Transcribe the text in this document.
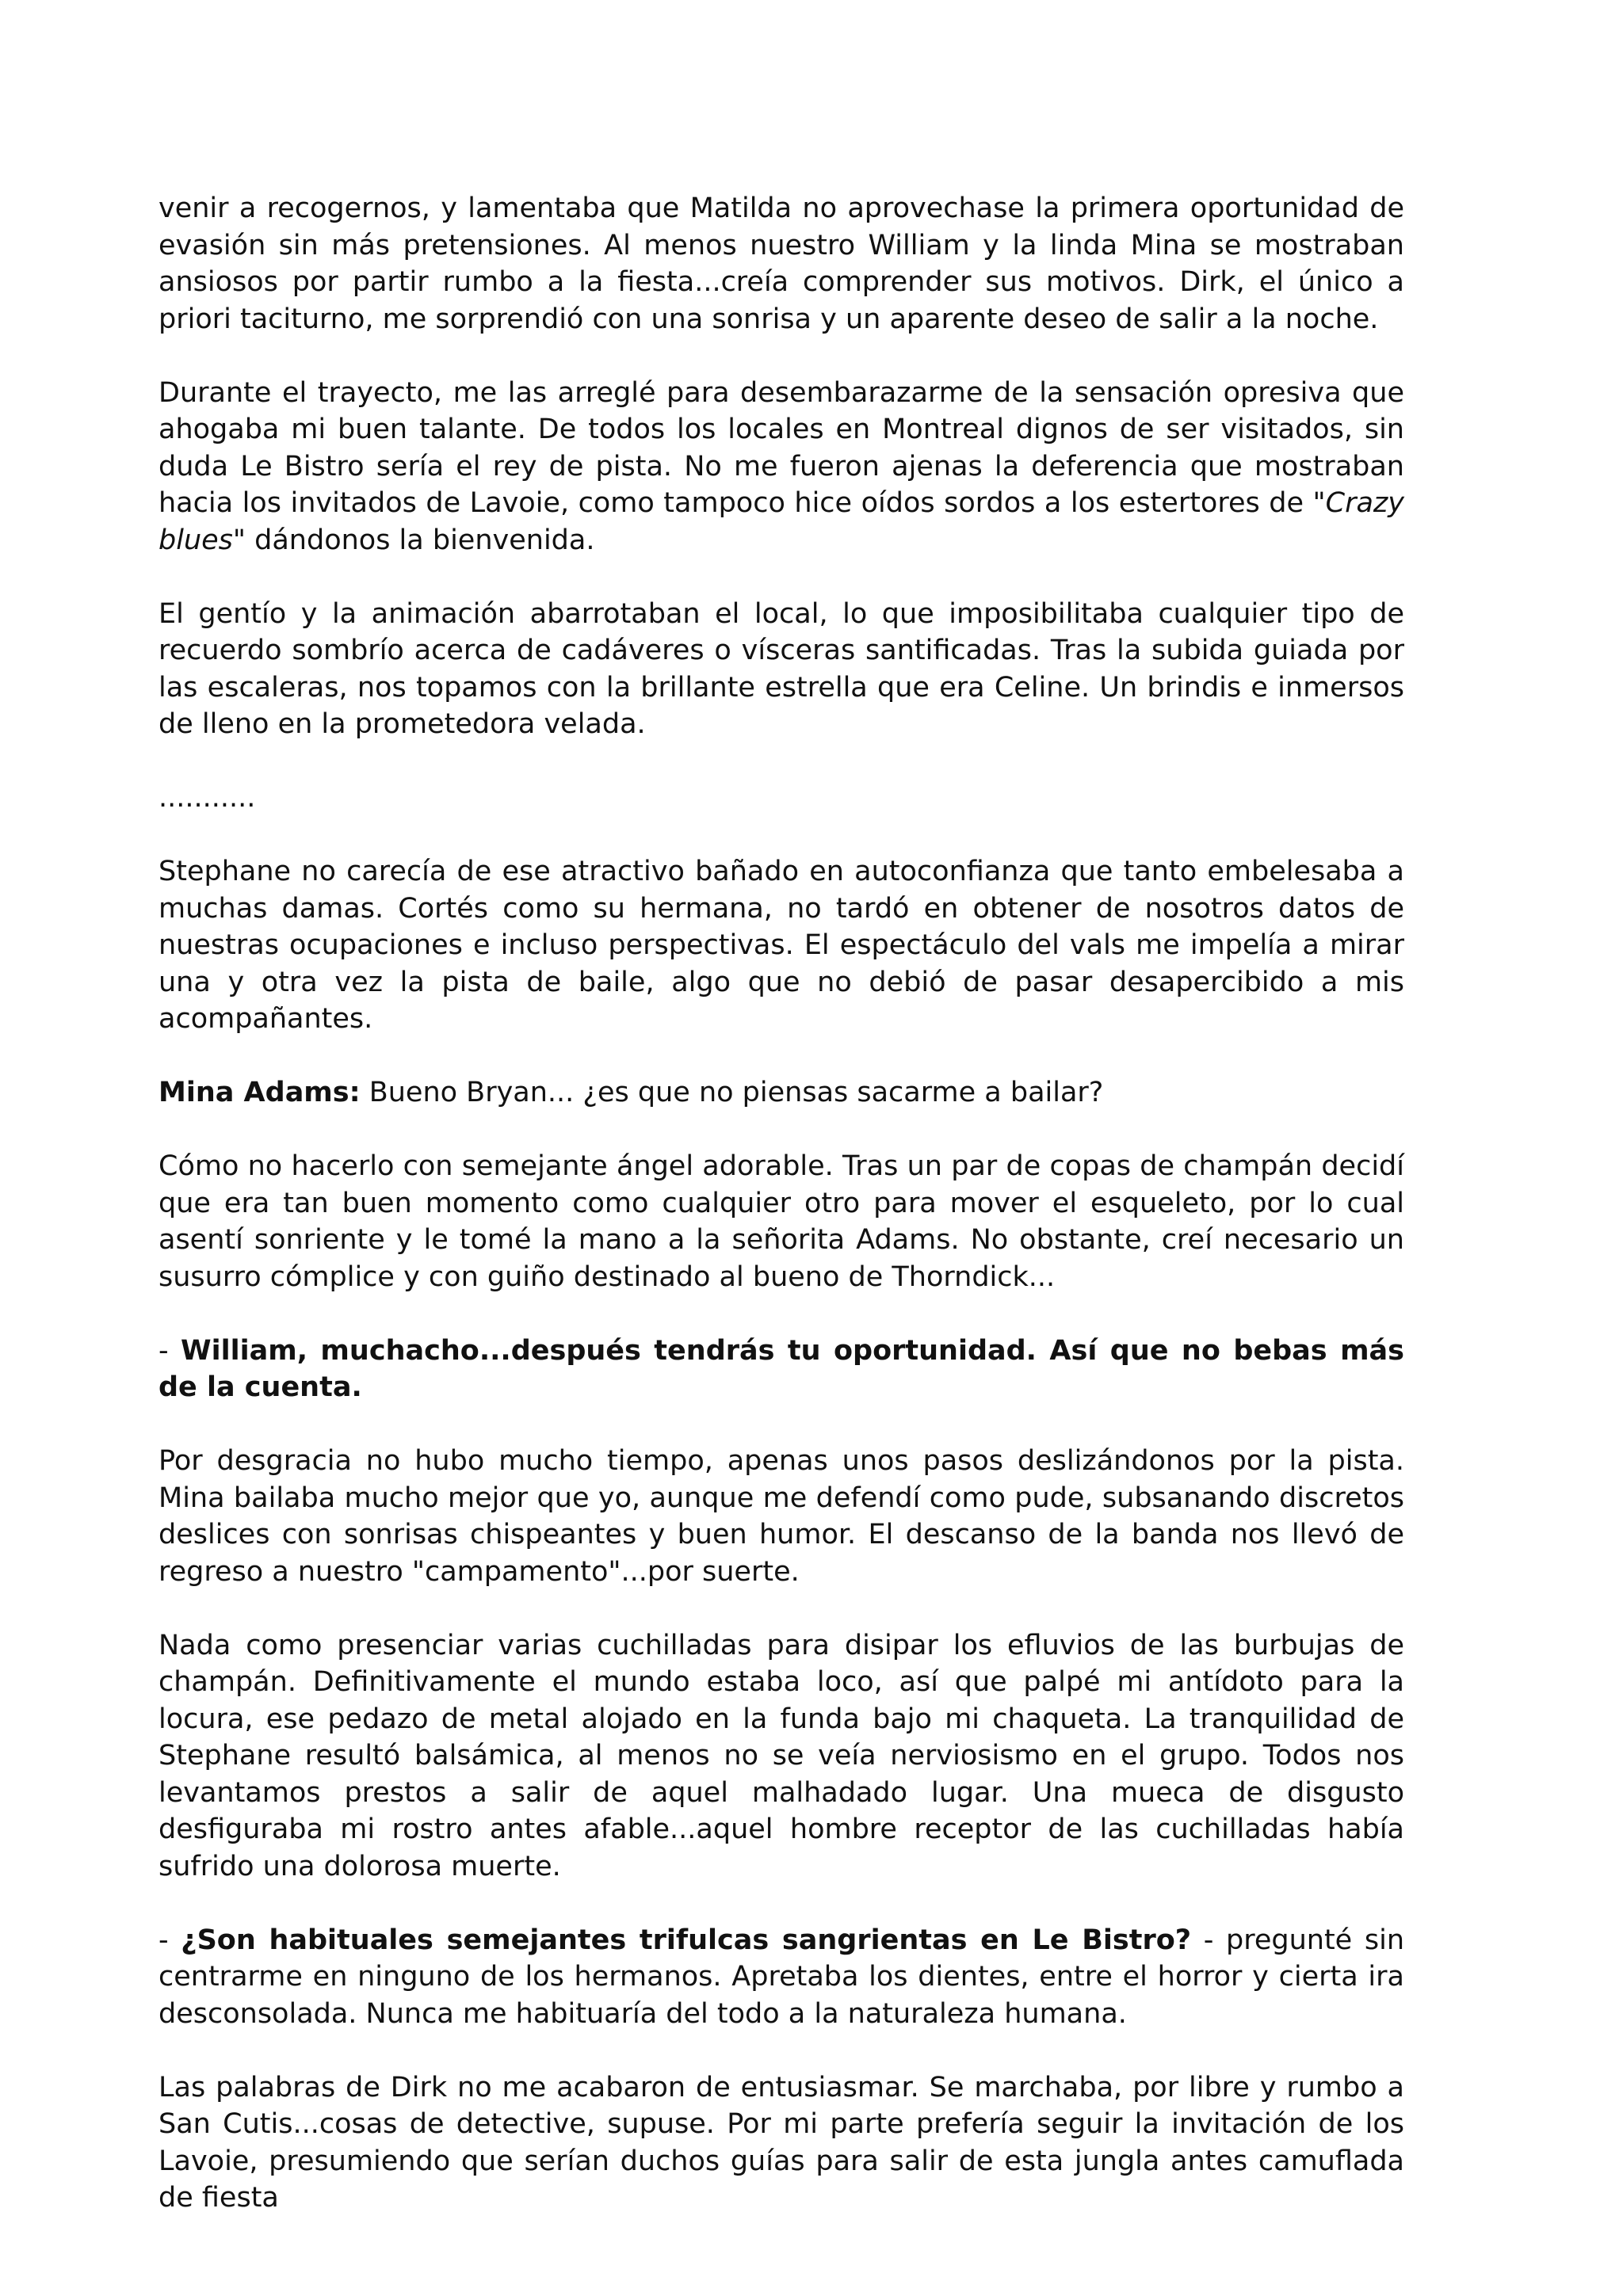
venir a recogernos, y lamentaba que Matilda no aprovechase la primera oportunidad de evasión sin más pretensiones. Al menos nuestro William y la linda Mina se mostraban ansiosos por partir rumbo a la fiesta...creía comprender sus motivos. Dirk, el único a priori taciturno, me sorprendió con una sonrisa y un aparente deseo de salir a la noche.

Durante el trayecto, me las arreglé para desembarazarme de la sensación opresiva que ahogaba mi buen talante. De todos los locales en Montreal dignos de ser visitados, sin duda Le Bistro sería el rey de pista. No me fueron ajenas la deferencia que mostraban hacia los invitados de Lavoie, como tampoco hice oídos sordos a los estertores de "Crazy blues" dándonos la bienvenida.

El gentío y la animación abarrotaban el local, lo que imposibilitaba cualquier tipo de recuerdo sombrío acerca de cadáveres o vísceras santificadas. Tras la subida guiada por las escaleras, nos topamos con la brillante estrella que era Celine. Un brindis e inmersos de lleno en la prometedora velada.

...........

Stephane no carecía de ese atractivo bañado en autoconfianza que tanto embelesaba a muchas damas. Cortés como su hermana, no tardó en obtener de nosotros datos de nuestras ocupaciones e incluso perspectivas. El espectáculo del vals me impelía a mirar una y otra vez la pista de baile, algo que no debió de pasar desapercibido a mis acompañantes.

Mina Adams: Bueno Bryan... ¿es que no piensas sacarme a bailar?

Cómo no hacerlo con semejante ángel adorable. Tras un par de copas de champán decidí que era tan buen momento como cualquier otro para mover el esqueleto, por lo cual asentí sonriente y le tomé la mano a la señorita Adams. No obstante, creí necesario un susurro cómplice y con guiño destinado al bueno de Thorndick...

- William, muchacho...después tendrás tu oportunidad. Así que no bebas más de la cuenta.

Por desgracia no hubo mucho tiempo, apenas unos pasos deslizándonos por la pista. Mina bailaba mucho mejor que yo, aunque me defendí como pude, subsanando discretos deslices con sonrisas chispeantes y buen humor. El descanso de la banda nos llevó de regreso a nuestro "campamento"...por suerte.

Nada como presenciar varias cuchilladas para disipar los efluvios de las burbujas de champán. Definitivamente el mundo estaba loco, así que palpé mi antídoto para la locura, ese pedazo de metal alojado en la funda bajo mi chaqueta. La tranquilidad de Stephane resultó balsámica, al menos no se veía nerviosismo en el grupo. Todos nos levantamos prestos a salir de aquel malhadado lugar. Una mueca de disgusto desfiguraba mi rostro antes afable...aquel hombre receptor de las cuchilladas había sufrido una dolorosa muerte.

- ¿Son habituales semejantes trifulcas sangrientas en Le Bistro? - pregunté sin centrarme en ninguno de los hermanos. Apretaba los dientes, entre el horror y cierta ira desconsolada. Nunca me habituaría del todo a la naturaleza humana.

Las palabras de Dirk no me acabaron de entusiasmar. Se marchaba, por libre y rumbo a San Cutis...cosas de detective, supuse. Por mi parte prefería seguir la invitación de los Lavoie, presumiendo que serían duchos guías para salir de esta jungla antes camuflada de fiesta
